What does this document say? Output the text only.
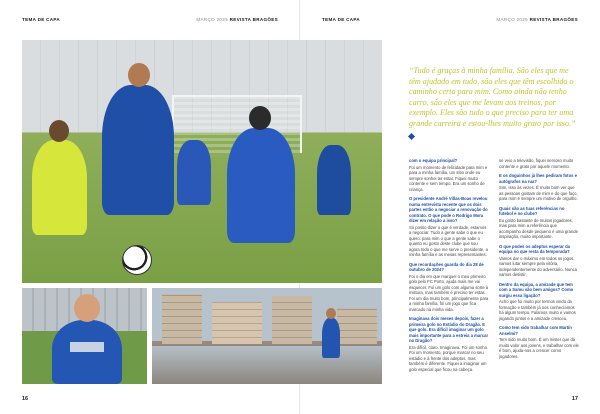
TEMA DE CAPA	MARÇO 2025 REVISTA BRAGÕES
16
TEMA DE CAPA	MARÇO 2025 REVISTA BRAGÕES
17
“Tudo é graças à minha família. São eles que me têm ajudado em tudo, são eles que têm escolhido o caminho certo para mim. Como ainda não tenho carro, são eles que me levam aos treinos, por exemplo. Eles são tudo o que preciso para ter uma grande carreira e estou-lhes muito grato por isso.”

com o equipa principal?

Foi um momento de felicidade para mim e para a minha família, um sítio onde eu sempre sonhei ter estar. Fiquei muito contente e sem tempo. Era um sonho de criança.

O presidente André Villas-Boas revelou numa entrevista recente que os dois partes estão a negociar a renovação do contrato. O que pode o Rodrigo Mora dizer em relação a isso?

Só posso dizer o que é verdade, estamos a negociar. Tudo a gente sabe o que eu quero: para mim o que a gente sabe o quanto eu gosto deste clube que sou agora todo o que me serve o presidente, a minha família e as mesas representantes.

Que recordações guarda do dia 28 de outubro de 2024?

Foi o dia em que marquei o meu primeiro golo pelo FC Porto, ajuda mais me vai esquecer. Foi um golo com alguma sorte à mistura, mas também é preciso ter estas. Foi um dia muito bom, principalmente para a minha família, foi um jogo que fica marcado na minha vida.

Imaginava dois meses depois, fazer a primeira golo no Estádio do Dragão. E que golo. Era difícil imaginar um golo mais importante para a estreia a marcar no Dragão?

Era difícil, claro. Imaginava. Foi um sonho. Foi um momento, porque marcar no seu estádio e à frente dos adeptos, mas também é diferente. Fiquei a imaginar um golo especial que ficou na cabeça.

se veio a televisão, fiquei nervoso muito contente e grato por aquele momento.

E os doguinhos já lhes pediram fotos e autógrafos na rua?

Sim, isso às vezes. É muito bom ver que as pessoas gostam de mim e do que faço, para mim é sempre um motivo de orgulho.

Quais são as tuas referências no futebol e no clube?

Eu gosto bastante de muitos jogadores, mas para mim a referência que acompanho desde pequeno é uma grande inspiração, muito importante.

O que podes os adeptos esperar da equipa no que resta da temporada?

Vamos dar o máximo em todos os jogos, vamos lutar sempre pela vitória, independentemente do adversário. Nunca vamos desistir.

Dentro da equipa, a amizade que tem com a Samu são bem amigos? Como surgiu essa ligação?

Acho que foi muito por termos vindo da formação e também já nos conhecíamos há algum tempo. Falamos muito e vamos jogando juntos e a amizade cresceu.

Como tem sido trabalhar com Martín Anselmi?

Tem sido muito bom. É um mister que dá muito valor aos jovens, e trabalhar com ele é bom, ajuda-nos a crescer como jogadores.
